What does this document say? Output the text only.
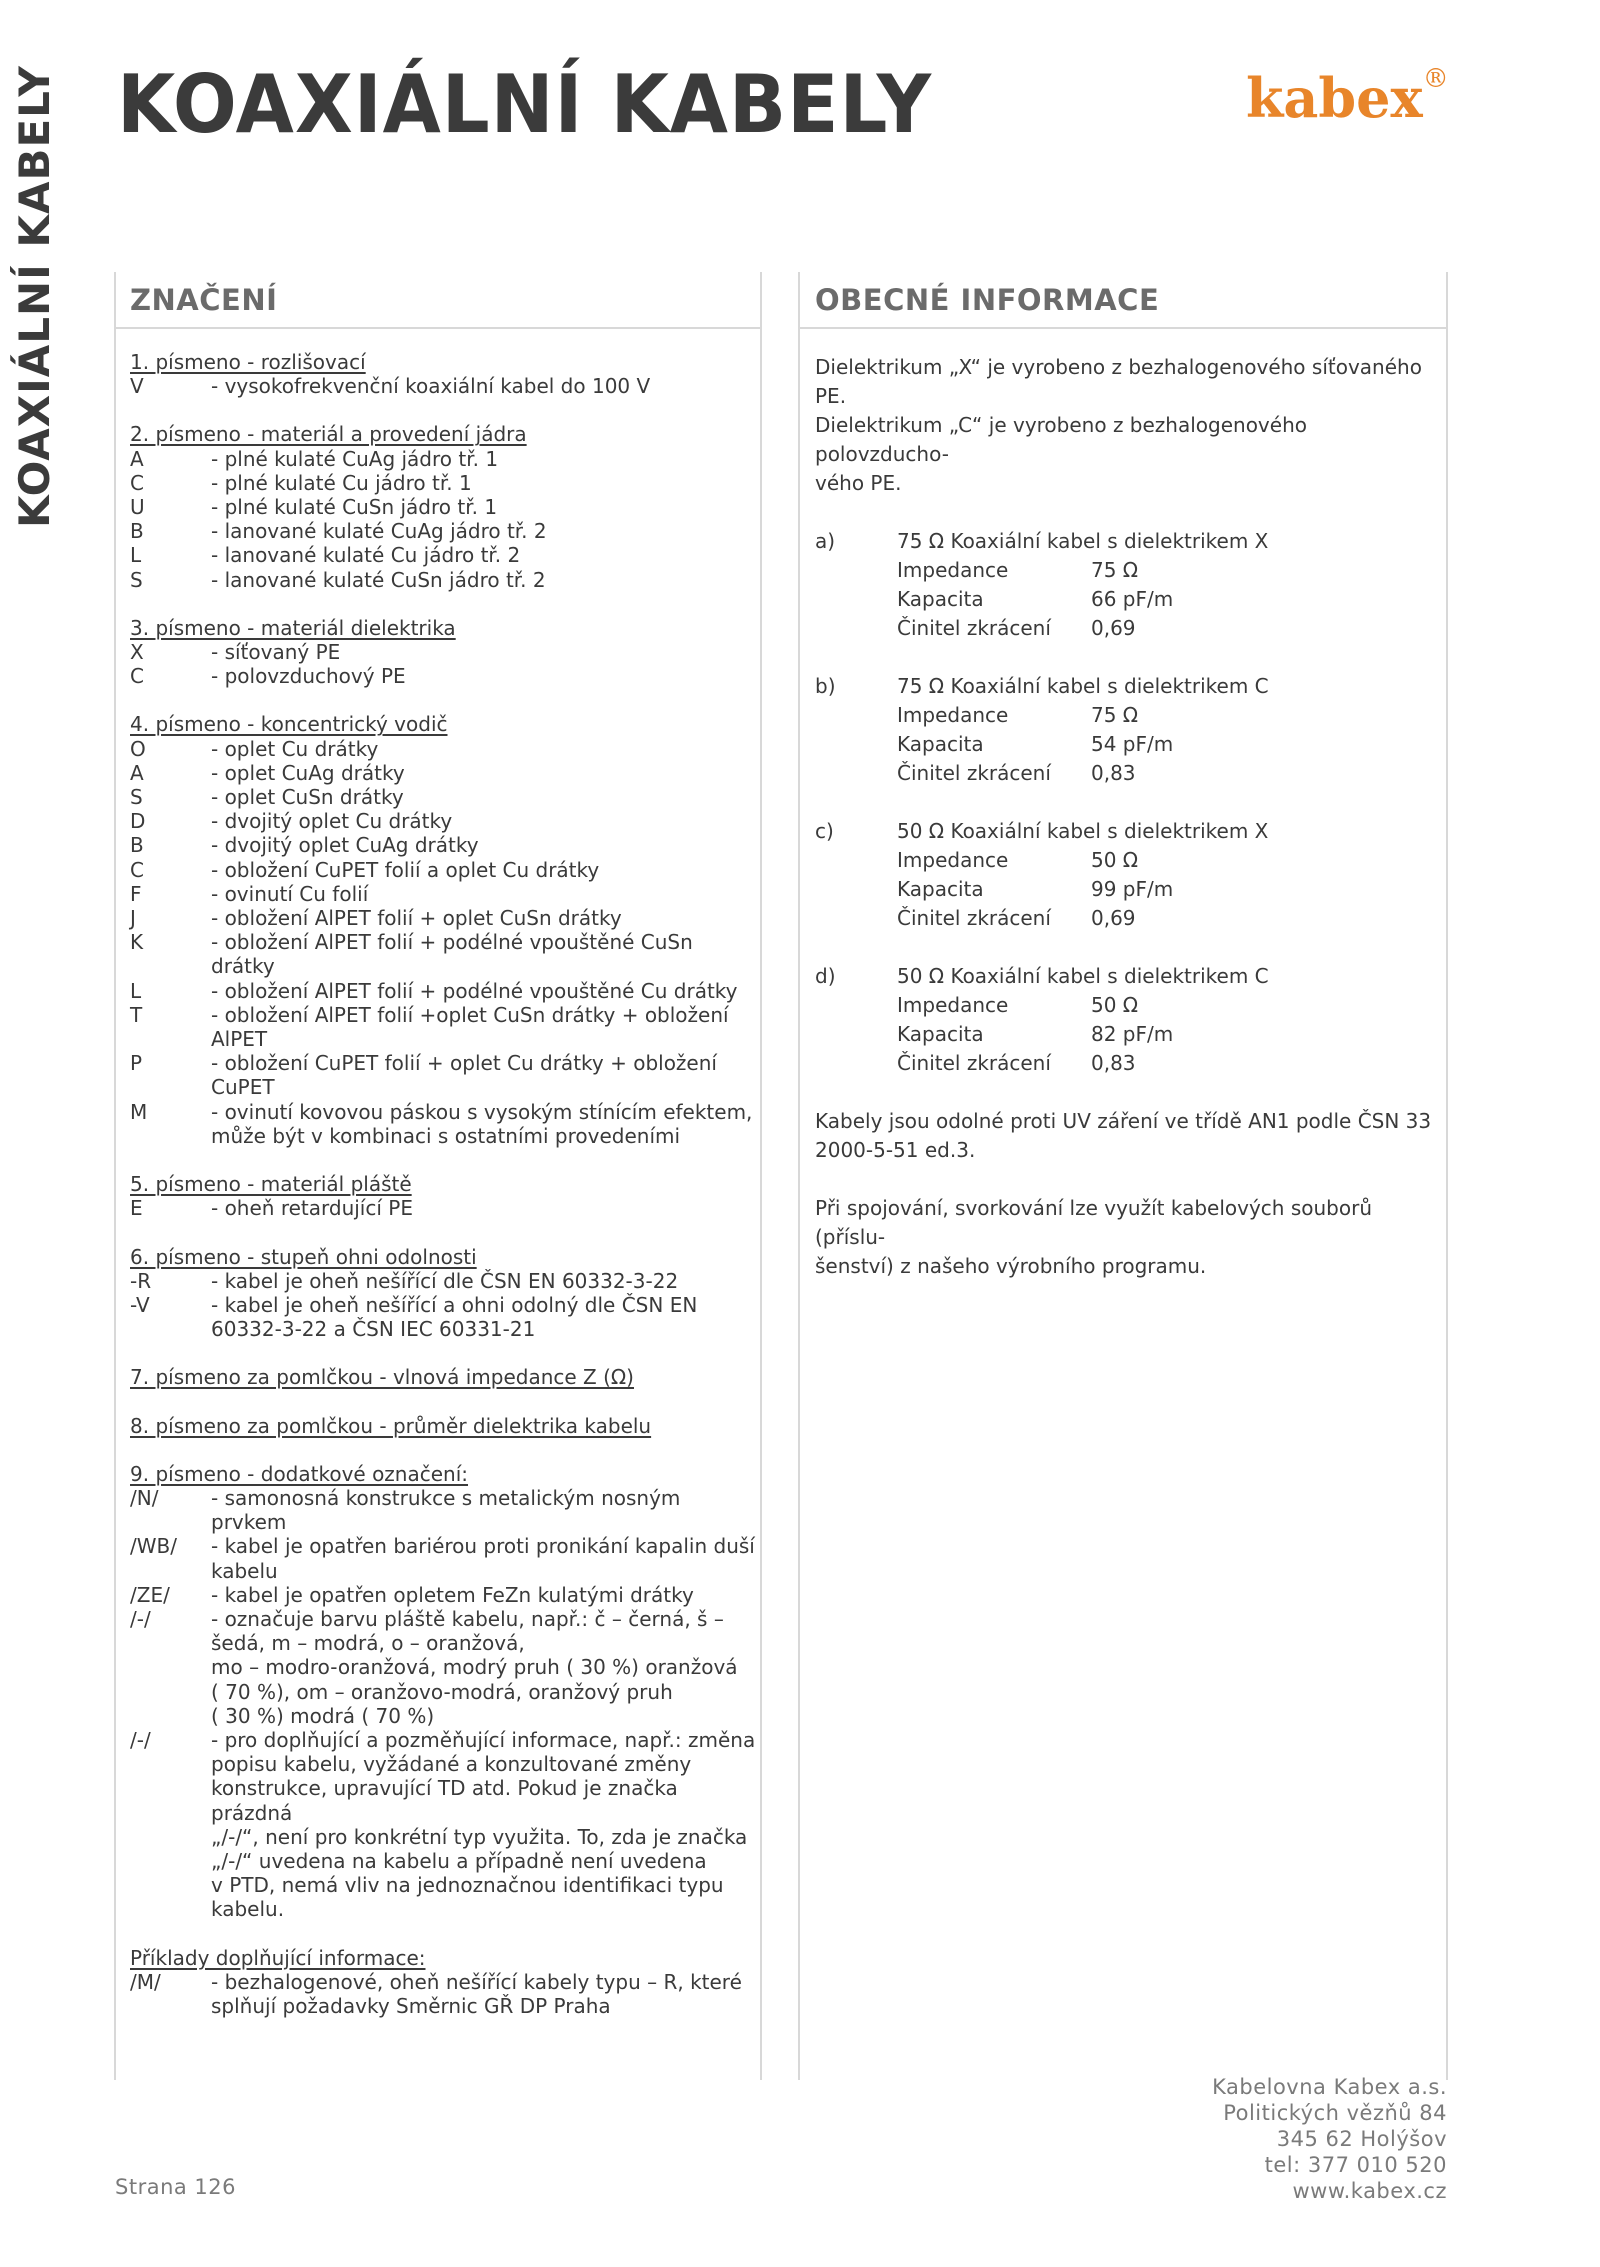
KOAXIÁLNÍ KABELY KOAXIÁLNÍ KABELY	kabex®
ZNAČENÍ	OBECNÉ INFORMACE
1. písmeno - rozlišovací
V	- vysokofrekvenční koaxiální kabel do 100 V
2. písmeno - materiál a provedení jádra
A	- plné kulaté CuAg jádro tř. 1
C	- plné kulaté Cu jádro tř. 1
U	- plné kulaté CuSn jádro tř. 1
B	- lanované kulaté CuAg jádro tř. 2
L	- lanované kulaté Cu jádro tř. 2
S	- lanované kulaté CuSn jádro tř. 2
3. písmeno - materiál dielektrika
X	- síťovaný PE
C	- polovzduchový PE
4. písmeno - koncentrický vodič
O	- oplet Cu drátky
A	- oplet CuAg drátky
S	- oplet CuSn drátky
D	- dvojitý oplet Cu drátky
B	- dvojitý oplet CuAg drátky
C	- obložení CuPET folií a oplet Cu drátky
F	- ovinutí Cu folií
J	- obložení AlPET folií + oplet CuSn drátky
K	- obložení AlPET folií + podélné vpouštěné CuSn drátky
L	- obložení AlPET folií + podélné vpouštěné Cu drátky
T	- obložení AlPET folií +oplet CuSn drátky + obložení
AlPET
P	- obložení CuPET folií + oplet Cu drátky + obložení
CuPET
M	- ovinutí kovovou páskou s vysokým stínícím efektem,
může být v kombinaci s ostatními provedeními
5. písmeno - materiál pláště
E	- oheň retardující PE
6. písmeno - stupeň ohni odolnosti
-R	- kabel je oheň nešířící dle ČSN EN 60332-3-22
-V	- kabel je oheň nešířící a ohni odolný dle ČSN EN
60332-3-22 a ČSN IEC 60331-21
7. písmeno za pomlčkou - vlnová impedance Z (Ω)
8. písmeno za pomlčkou - průměr dielektrika kabelu
9. písmeno - dodatkové označení:
/N/	- samonosná konstrukce s metalickým nosným prvkem
/WB/	- kabel je opatřen bariérou proti pronikání kapalin duší
kabelu
/ZE/	- kabel je opatřen opletem FeZn kulatými drátky
/-/	- označuje barvu pláště kabelu, např.: č – černá, š –
šedá, m – modrá, o – oranžová,
mo – modro-oranžová, modrý pruh ( 30 %) oranžová
( 70 %), om – oranžovo-modrá, oranžový pruh
( 30 %) modrá ( 70 %)
/-/	- pro doplňující a pozměňující informace, např.: změna
popisu kabelu, vyžádané a konzultované změny
konstrukce, upravující TD atd. Pokud je značka prázdná
„/-/“, není pro konkrétní typ využita. To, zda je značka
„/-/“ uvedena na kabelu a případně není uvedena
v PTD, nemá vliv na jednoznačnou identifikaci typu
kabelu.
Příklady doplňující informace:
/M/	- bezhalogenové, oheň nešířící kabely typu – R, které
splňují požadavky Směrnic GŘ DP Praha
Dielektrikum „X“ je vyrobeno z bezhalogenového síťovaného PE.
Dielektrikum „C“ je vyrobeno z bezhalogenového polovzducho-
vého PE.
a)	75 Ω Koaxiální kabel s dielektrikem X
Impedance	75 Ω
Kapacita	66 pF/m
Činitel zkrácení	0,69
b)	75 Ω Koaxiální kabel s dielektrikem C
Impedance	75 Ω
Kapacita	54 pF/m
Činitel zkrácení	0,83
c)	50 Ω Koaxiální kabel s dielektrikem X
Impedance	50 Ω
Kapacita	99 pF/m
Činitel zkrácení	0,69
d)	50 Ω Koaxiální kabel s dielektrikem C
Impedance	50 Ω
Kapacita	82 pF/m
Činitel zkrácení	0,83
Kabely jsou odolné proti UV záření ve třídě AN1 podle ČSN 33
2000-5-51 ed.3.
Při spojování, svorkování lze využít kabelových souborů (příslu-
šenství) z našeho výrobního programu.
Strana 126
Kabelovna Kabex a.s.
Politických vězňů 84
345 62 Holýšov
tel: 377 010 520
www.kabex.cz
